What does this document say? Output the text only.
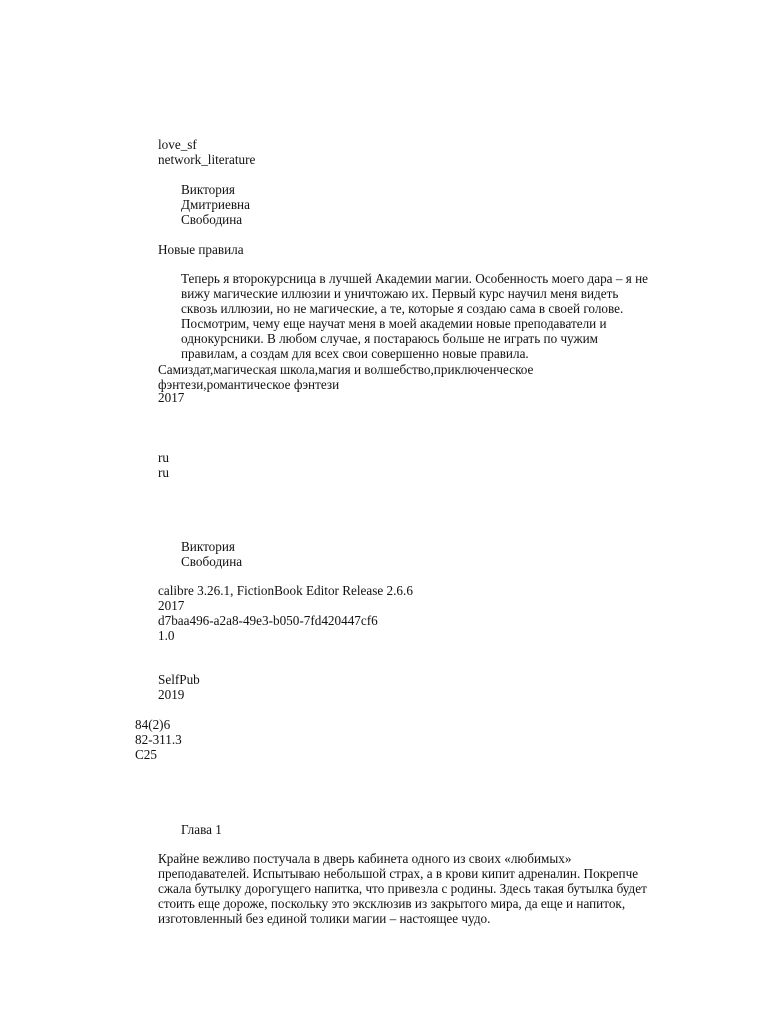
love_sf
network_literature
Виктория
Дмитриевна
Свободина
Новые правила
Теперь я второкурсница в лучшей Академии магии. Особенность моего дара – я не вижу магические иллюзии и уничтожаю их. Первый курс научил меня видеть сквозь иллюзии, но не магические, а те, которые я создаю сама в своей голове. Посмотрим, чему еще научат меня в моей академии новые преподаватели и однокурсники. В любом случае, я постараюсь больше не играть по чужим правилам, а создам для всех свои совершенно новые правила.
Самиздат,магическая школа,магия и волшебство,приключенческое фэнтези,романтическое фэнтези
2017
ru
ru
Виктория
Свободина
calibre 3.26.1, FictionBook Editor Release 2.6.6
2017
d7baa496-a2a8-49e3-b050-7fd420447cf6
1.0
SelfPub
2019
84(2)6
82-311.3
С25
Глава 1
Крайне вежливо постучала в дверь кабинета одного из своих «любимых» преподавателей. Испытываю небольшой страх, а в крови кипит адреналин. Покрепче сжала бутылку дорогущего напитка, что привезла с родины. Здесь такая бутылка будет стоить еще дороже, поскольку это эксклюзив из закрытого мира, да еще и напиток, изготовленный без единой толики магии – настоящее чудо.
